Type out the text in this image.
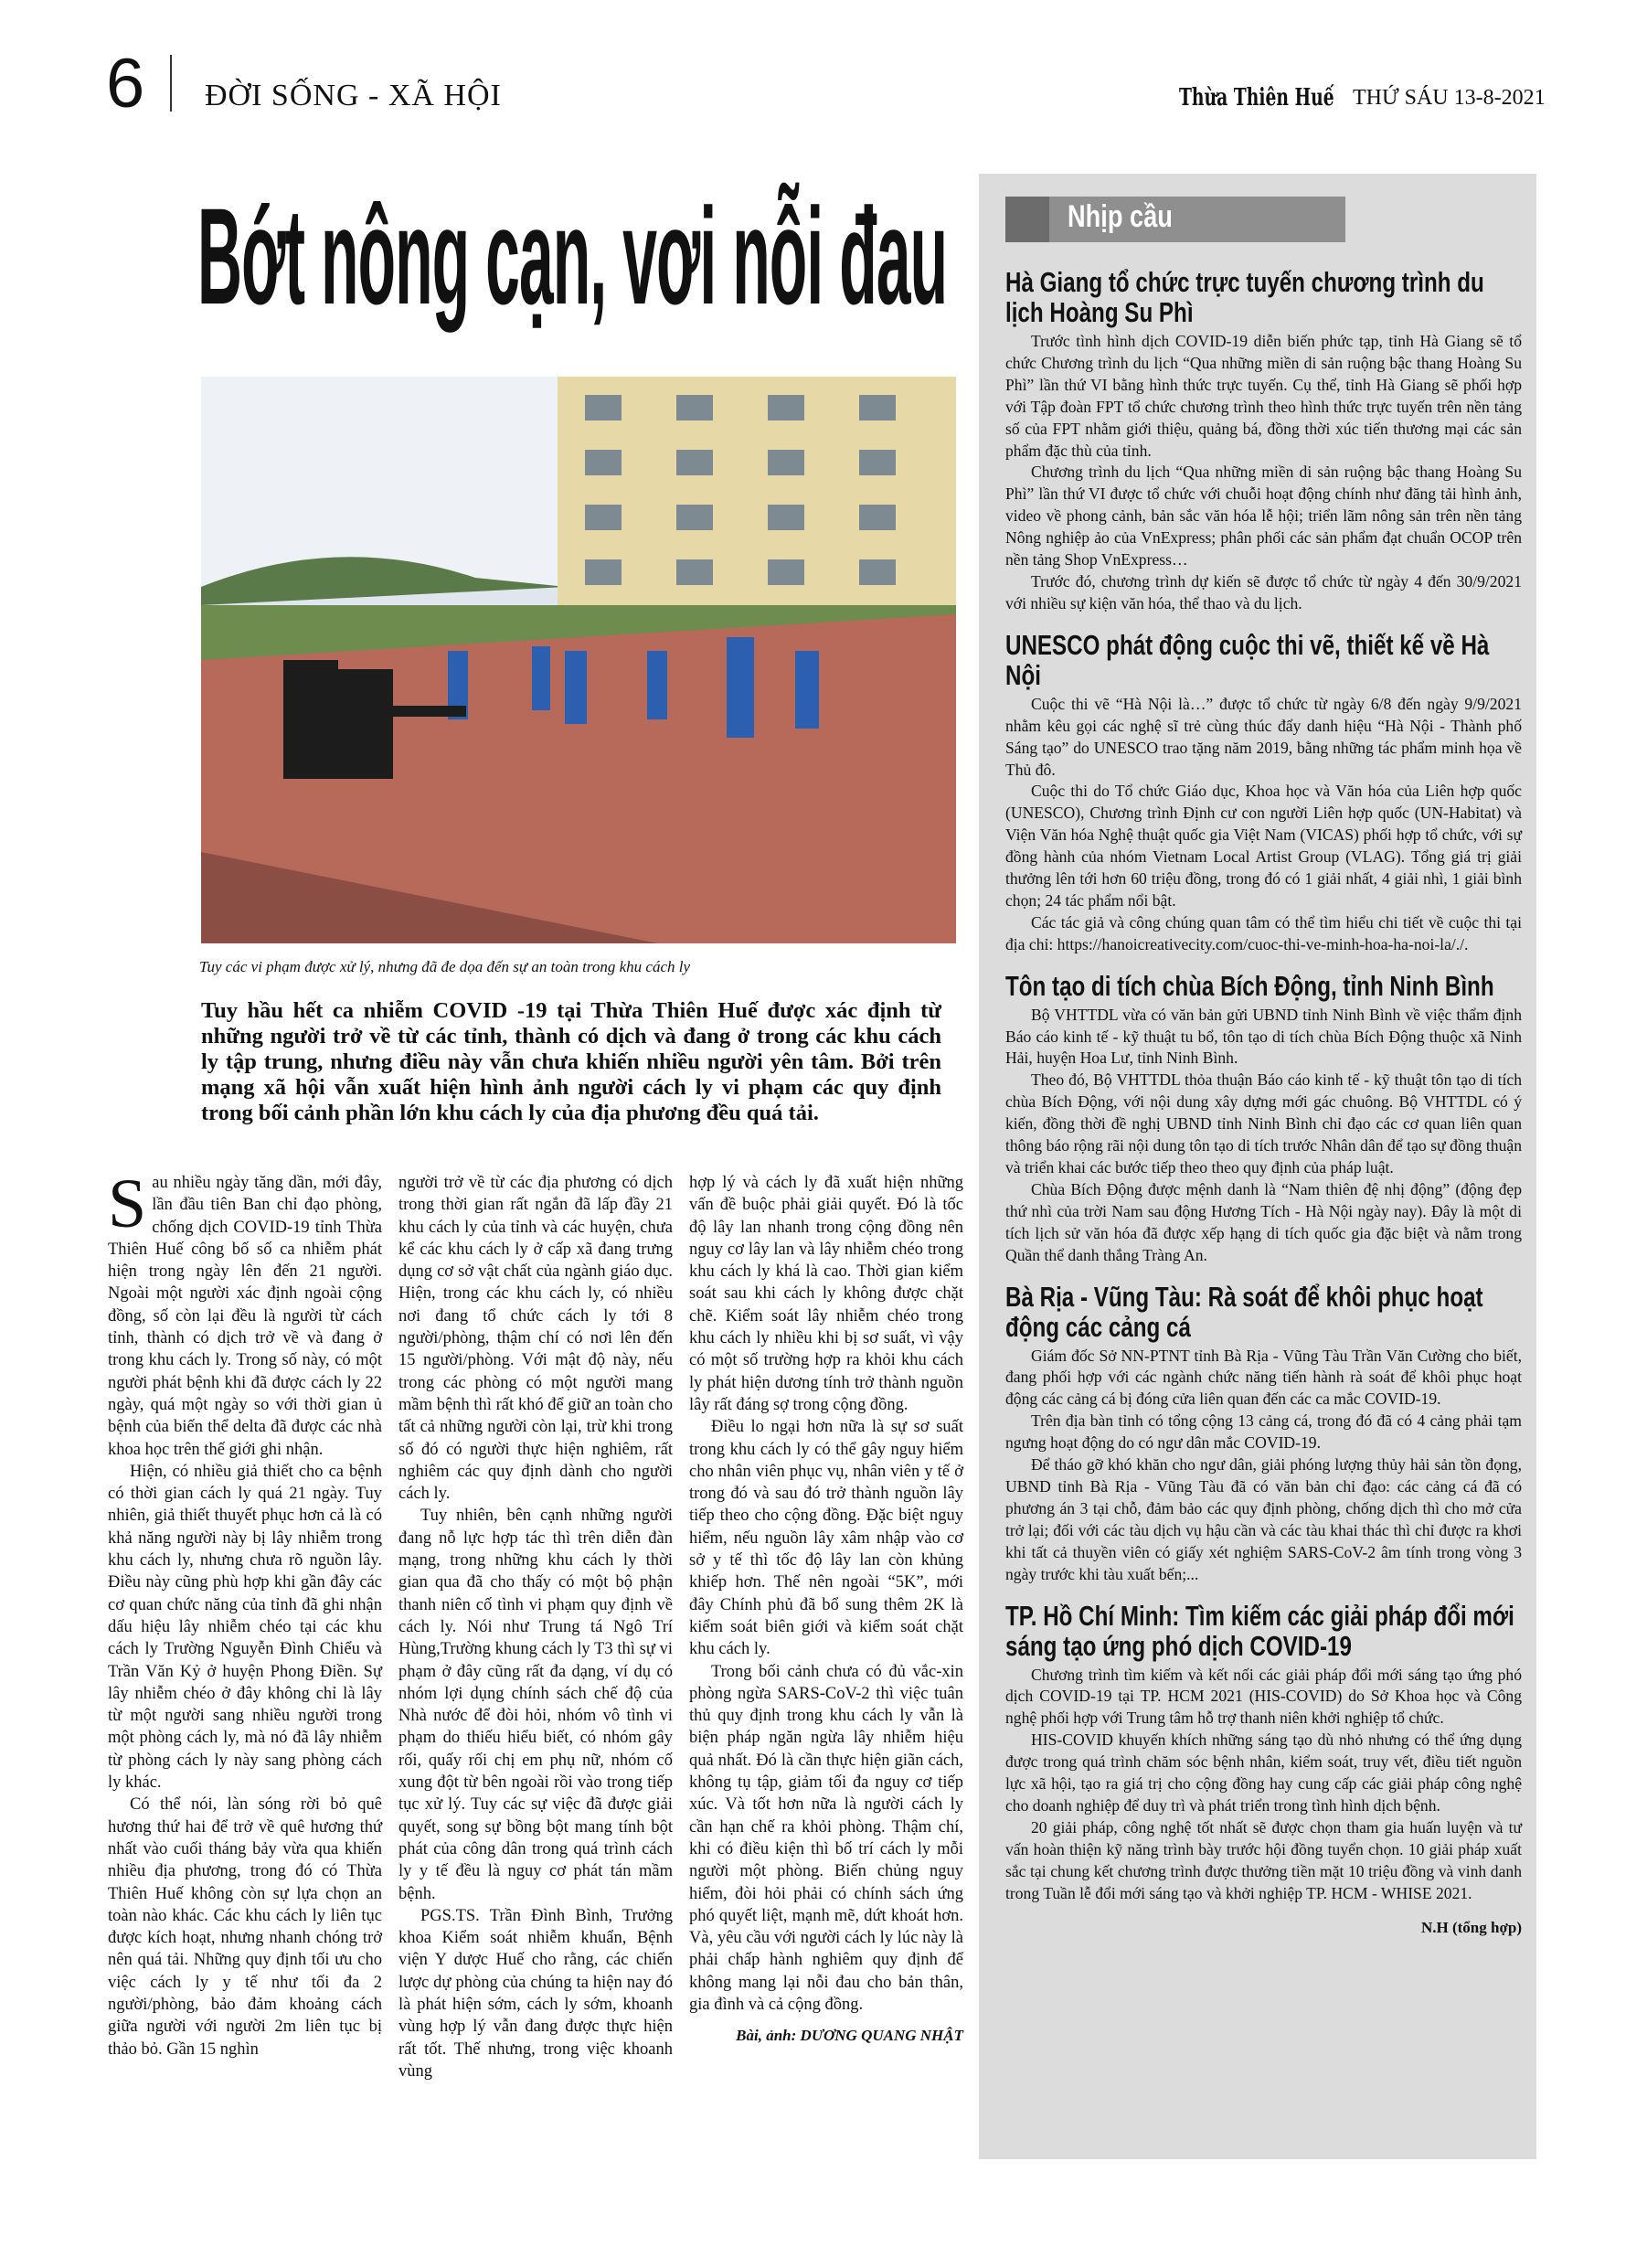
6 ĐỜI SỐNG - XÃ HỘI	Thừa Thiên Huế THỨ SÁU 13-8-2021
Bớt nông cạn, vơi nỗi đau
Tuy các vi phạm được xử lý, nhưng đã đe dọa đến sự an toàn trong khu cách ly
Tuy hầu hết ca nhiễm COVID -19 tại Thừa Thiên Huế được xác định từ những người trở về từ các tỉnh, thành có dịch và đang ở trong các khu cách ly tập trung, nhưng điều này vẫn chưa khiến nhiều người yên tâm. Bởi trên mạng xã hội vẫn xuất hiện hình ảnh người cách ly vi phạm các quy định trong bối cảnh phần lớn khu cách ly của địa phương đều quá tải.

Sau nhiều ngày tăng dần, mới đây, lần đầu tiên Ban chỉ đạo phòng, chống dịch COVID-19 tỉnh Thừa Thiên Huế công bố số ca nhiễm phát hiện trong ngày lên đến 21 người. Ngoài một người xác định ngoài cộng đồng, số còn lại đều là người từ cách tỉnh, thành có dịch trở về và đang ở trong khu cách ly. Trong số này, có một người phát bệnh khi đã được cách ly 22 ngày, quá một ngày so với thời gian ủ bệnh của biến thể delta đã được các nhà khoa học trên thế giới ghi nhận.

Hiện, có nhiều giả thiết cho ca bệnh có thời gian cách ly quá 21 ngày. Tuy nhiên, giả thiết thuyết phục hơn cả là có khả năng người này bị lây nhiễm trong khu cách ly, nhưng chưa rõ nguồn lây. Điều này cũng phù hợp khi gần đây các cơ quan chức năng của tỉnh đã ghi nhận dấu hiệu lây nhiễm chéo tại các khu cách ly Trường Nguyễn Đình Chiểu và Trần Văn Kỷ ở huyện Phong Điền. Sự lây nhiễm chéo ở đây không chỉ là lây từ một người sang nhiều người trong một phòng cách ly, mà nó đã lây nhiễm từ phòng cách ly này sang phòng cách ly khác.

Có thể nói, làn sóng rời bỏ quê hương thứ hai để trở về quê hương thứ nhất vào cuối tháng bảy vừa qua khiến nhiều địa phương, trong đó có Thừa Thiên Huế không còn sự lựa chọn an toàn nào khác. Các khu cách ly liên tục được kích hoạt, nhưng nhanh chóng trở nên quá tải. Những quy định tối ưu cho việc cách ly y tế như tối đa 2 người/phòng, bảo đảm khoảng cách giữa người với người 2m liên tục bị thảo bỏ. Gần 15 nghìn

người trở về từ các địa phương có dịch trong thời gian rất ngắn đã lấp đầy 21 khu cách ly của tỉnh và các huyện, chưa kể các khu cách ly ở cấp xã đang trưng dụng cơ sở vật chất của ngành giáo dục. Hiện, trong các khu cách ly, có nhiều nơi đang tổ chức cách ly tới 8 người/phòng, thậm chí có nơi lên đến 15 người/phòng. Với mật độ này, nếu trong các phòng có một người mang mầm bệnh thì rất khó để giữ an toàn cho tất cả những người còn lại, trừ khi trong số đó có người thực hiện nghiêm, rất nghiêm các quy định dành cho người cách ly.

Tuy nhiên, bên cạnh những người đang nỗ lực hợp tác thì trên diễn đàn mạng, trong những khu cách ly thời gian qua đã cho thấy có một bộ phận thanh niên cố tình vi phạm quy định về cách ly. Nói như Trung tá Ngô Trí Hùng,Trường khung cách ly T3 thì sự vi phạm ở đây cũng rất đa dạng, ví dụ có nhóm lợi dụng chính sách chế độ của Nhà nước để đòi hỏi, nhóm vô tình vi phạm do thiếu hiểu biết, có nhóm gây rối, quấy rối chị em phụ nữ, nhóm cố xung đột từ bên ngoài rồi vào trong tiếp tục xử lý. Tuy các sự việc đã được giải quyết, song sự bồng bột mang tính bột phát của công dân trong quá trình cách ly y tế đều là nguy cơ phát tán mầm bệnh.

PGS.TS. Trần Đình Bình, Trưởng khoa Kiểm soát nhiễm khuẩn, Bệnh viện Y dược Huế cho rằng, các chiến lược dự phòng của chúng ta hiện nay đó là phát hiện sớm, cách ly sớm, khoanh vùng hợp lý vẫn đang được thực hiện rất tốt. Thế nhưng, trong việc khoanh vùng

hợp lý và cách ly đã xuất hiện những vấn đề buộc phải giải quyết. Đó là tốc độ lây lan nhanh trong cộng đồng nên nguy cơ lây lan và lây nhiễm chéo trong khu cách ly khá là cao. Thời gian kiểm soát sau khi cách ly không được chặt chẽ. Kiểm soát lây nhiễm chéo trong khu cách ly nhiều khi bị sơ suất, vì vậy có một số trường hợp ra khỏi khu cách ly phát hiện dương tính trở thành nguồn lây rất đáng sợ trong cộng đồng.

Điều lo ngại hơn nữa là sự sơ suất trong khu cách ly có thể gây nguy hiểm cho nhân viên phục vụ, nhân viên y tế ở trong đó và sau đó trở thành nguồn lây tiếp theo cho cộng đồng. Đặc biệt nguy hiểm, nếu nguồn lây xâm nhập vào cơ sở y tế thì tốc độ lây lan còn khủng khiếp hơn. Thế nên ngoài “5K”, mới đây Chính phủ đã bổ sung thêm 2K là kiểm soát biên giới và kiểm soát chặt khu cách ly.

Trong bối cảnh chưa có đủ vắc-xin phòng ngừa SARS-CoV-2 thì việc tuân thủ quy định trong khu cách ly vẫn là biện pháp ngăn ngừa lây nhiễm hiệu quả nhất. Đó là cần thực hiện giãn cách, không tụ tập, giảm tối đa nguy cơ tiếp xúc. Và tốt hơn nữa là người cách ly cần hạn chế ra khỏi phòng. Thậm chí, khi có điều kiện thì bố trí cách ly mỗi người một phòng. Biến chủng nguy hiểm, đòi hỏi phải có chính sách ứng phó quyết liệt, mạnh mẽ, dứt khoát hơn. Và, yêu cầu với người cách ly lúc này là phải chấp hành nghiêm quy định để không mang lại nỗi đau cho bản thân, gia đình và cả cộng đồng.

Bài, ảnh: DƯƠNG QUANG NHẬT
Nhịp cầu
Hà Giang tổ chức trực tuyến chương trình du lịch Hoàng Su Phì

Trước tình hình dịch COVID-19 diễn biến phức tạp, tỉnh Hà Giang sẽ tổ chức Chương trình du lịch “Qua những miền di sản ruộng bậc thang Hoàng Su Phì” lần thứ VI bằng hình thức trực tuyến. Cụ thể, tỉnh Hà Giang sẽ phối hợp với Tập đoàn FPT tổ chức chương trình theo hình thức trực tuyến trên nền tảng số của FPT nhằm giới thiệu, quảng bá, đồng thời xúc tiến thương mại các sản phẩm đặc thù của tỉnh.

Chương trình du lịch “Qua những miền di sản ruộng bậc thang Hoàng Su Phì” lần thứ VI được tổ chức với chuỗi hoạt động chính như đăng tải hình ảnh, video về phong cảnh, bản sắc văn hóa lễ hội; triển lãm nông sản trên nền tảng Nông nghiệp ảo của VnExpress; phân phối các sản phẩm đạt chuẩn OCOP trên nền tảng Shop VnExpress…

Trước đó, chương trình dự kiến sẽ được tổ chức từ ngày 4 đến 30/9/2021 với nhiều sự kiện văn hóa, thể thao và du lịch.

UNESCO phát động cuộc thi vẽ, thiết kế về Hà Nội

Cuộc thi vẽ “Hà Nội là…” được tổ chức từ ngày 6/8 đến ngày 9/9/2021 nhằm kêu gọi các nghệ sĩ trẻ cùng thúc đẩy danh hiệu “Hà Nội - Thành phố Sáng tạo” do UNESCO trao tặng năm 2019, bằng những tác phẩm minh họa về Thủ đô.

Cuộc thi do Tổ chức Giáo dục, Khoa học và Văn hóa của Liên hợp quốc (UNESCO), Chương trình Định cư con người Liên hợp quốc (UN-Habitat) và Viện Văn hóa Nghệ thuật quốc gia Việt Nam (VICAS) phối hợp tổ chức, với sự đồng hành của nhóm Vietnam Local Artist Group (VLAG). Tổng giá trị giải thưởng lên tới hơn 60 triệu đồng, trong đó có 1 giải nhất, 4 giải nhì, 1 giải bình chọn; 24 tác phẩm nổi bật.

Các tác giả và công chúng quan tâm có thể tìm hiểu chi tiết về cuộc thi tại địa chỉ: https://hanoicreativecity.com/cuoc-thi-ve-minh-hoa-ha-noi-la/./.

Tôn tạo di tích chùa Bích Động, tỉnh Ninh Bình

Bộ VHTTDL vừa có văn bản gửi UBND tỉnh Ninh Bình về việc thẩm định Báo cáo kinh tế - kỹ thuật tu bổ, tôn tạo di tích chùa Bích Động thuộc xã Ninh Hải, huyện Hoa Lư, tỉnh Ninh Bình.

Theo đó, Bộ VHTTDL thỏa thuận Báo cáo kinh tế - kỹ thuật tôn tạo di tích chùa Bích Động, với nội dung xây dựng mới gác chuông. Bộ VHTTDL có ý kiến, đồng thời đề nghị UBND tỉnh Ninh Bình chỉ đạo các cơ quan liên quan thông báo rộng rãi nội dung tôn tạo di tích trước Nhân dân để tạo sự đồng thuận và triển khai các bước tiếp theo theo quy định của pháp luật.

Chùa Bích Động được mệnh danh là “Nam thiên đệ nhị động” (động đẹp thứ nhì của trời Nam sau động Hương Tích - Hà Nội ngày nay). Đây là một di tích lịch sử văn hóa đã được xếp hạng di tích quốc gia đặc biệt và nằm trong Quần thể danh thắng Tràng An.

Bà Rịa - Vũng Tàu: Rà soát để khôi phục hoạt động các cảng cá

Giám đốc Sở NN-PTNT tỉnh Bà Rịa - Vũng Tàu Trần Văn Cường cho biết, đang phối hợp với các ngành chức năng tiến hành rà soát để khôi phục hoạt động các cảng cá bị đóng cửa liên quan đến các ca mắc COVID-19.

Trên địa bàn tỉnh có tổng cộng 13 cảng cá, trong đó đã có 4 cảng phải tạm ngưng hoạt động do có ngư dân mắc COVID-19.

Để tháo gỡ khó khăn cho ngư dân, giải phóng lượng thủy hải sản tồn đọng, UBND tỉnh Bà Rịa - Vũng Tàu đã có văn bản chỉ đạo: các cảng cá đã có phương án 3 tại chỗ, đảm bảo các quy định phòng, chống dịch thì cho mở cửa trở lại; đối với các tàu dịch vụ hậu cần và các tàu khai thác thì chỉ được ra khơi khi tất cả thuyền viên có giấy xét nghiệm SARS-CoV-2 âm tính trong vòng 3 ngày trước khi tàu xuất bến;...

TP. Hồ Chí Minh: Tìm kiếm các giải pháp đổi mới sáng tạo ứng phó dịch COVID-19

Chương trình tìm kiếm và kết nối các giải pháp đổi mới sáng tạo ứng phó dịch COVID-19 tại TP. HCM 2021 (HIS-COVID) do Sở Khoa học và Công nghệ phối hợp với Trung tâm hỗ trợ thanh niên khởi nghiệp tổ chức.

HIS-COVID khuyến khích những sáng tạo dù nhỏ nhưng có thể ứng dụng được trong quá trình chăm sóc bệnh nhân, kiểm soát, truy vết, điều tiết nguồn lực xã hội, tạo ra giá trị cho cộng đồng hay cung cấp các giải pháp công nghệ cho doanh nghiệp để duy trì và phát triển trong tình hình dịch bệnh.

20 giải pháp, công nghệ tốt nhất sẽ được chọn tham gia huấn luyện và tư vấn hoàn thiện kỹ năng trình bày trước hội đồng tuyển chọn. 10 giải pháp xuất sắc tại chung kết chương trình được thưởng tiền mặt 10 triệu đồng và vinh danh trong Tuần lễ đổi mới sáng tạo và khởi nghiệp TP. HCM - WHISE 2021.

N.H (tổng hợp)
